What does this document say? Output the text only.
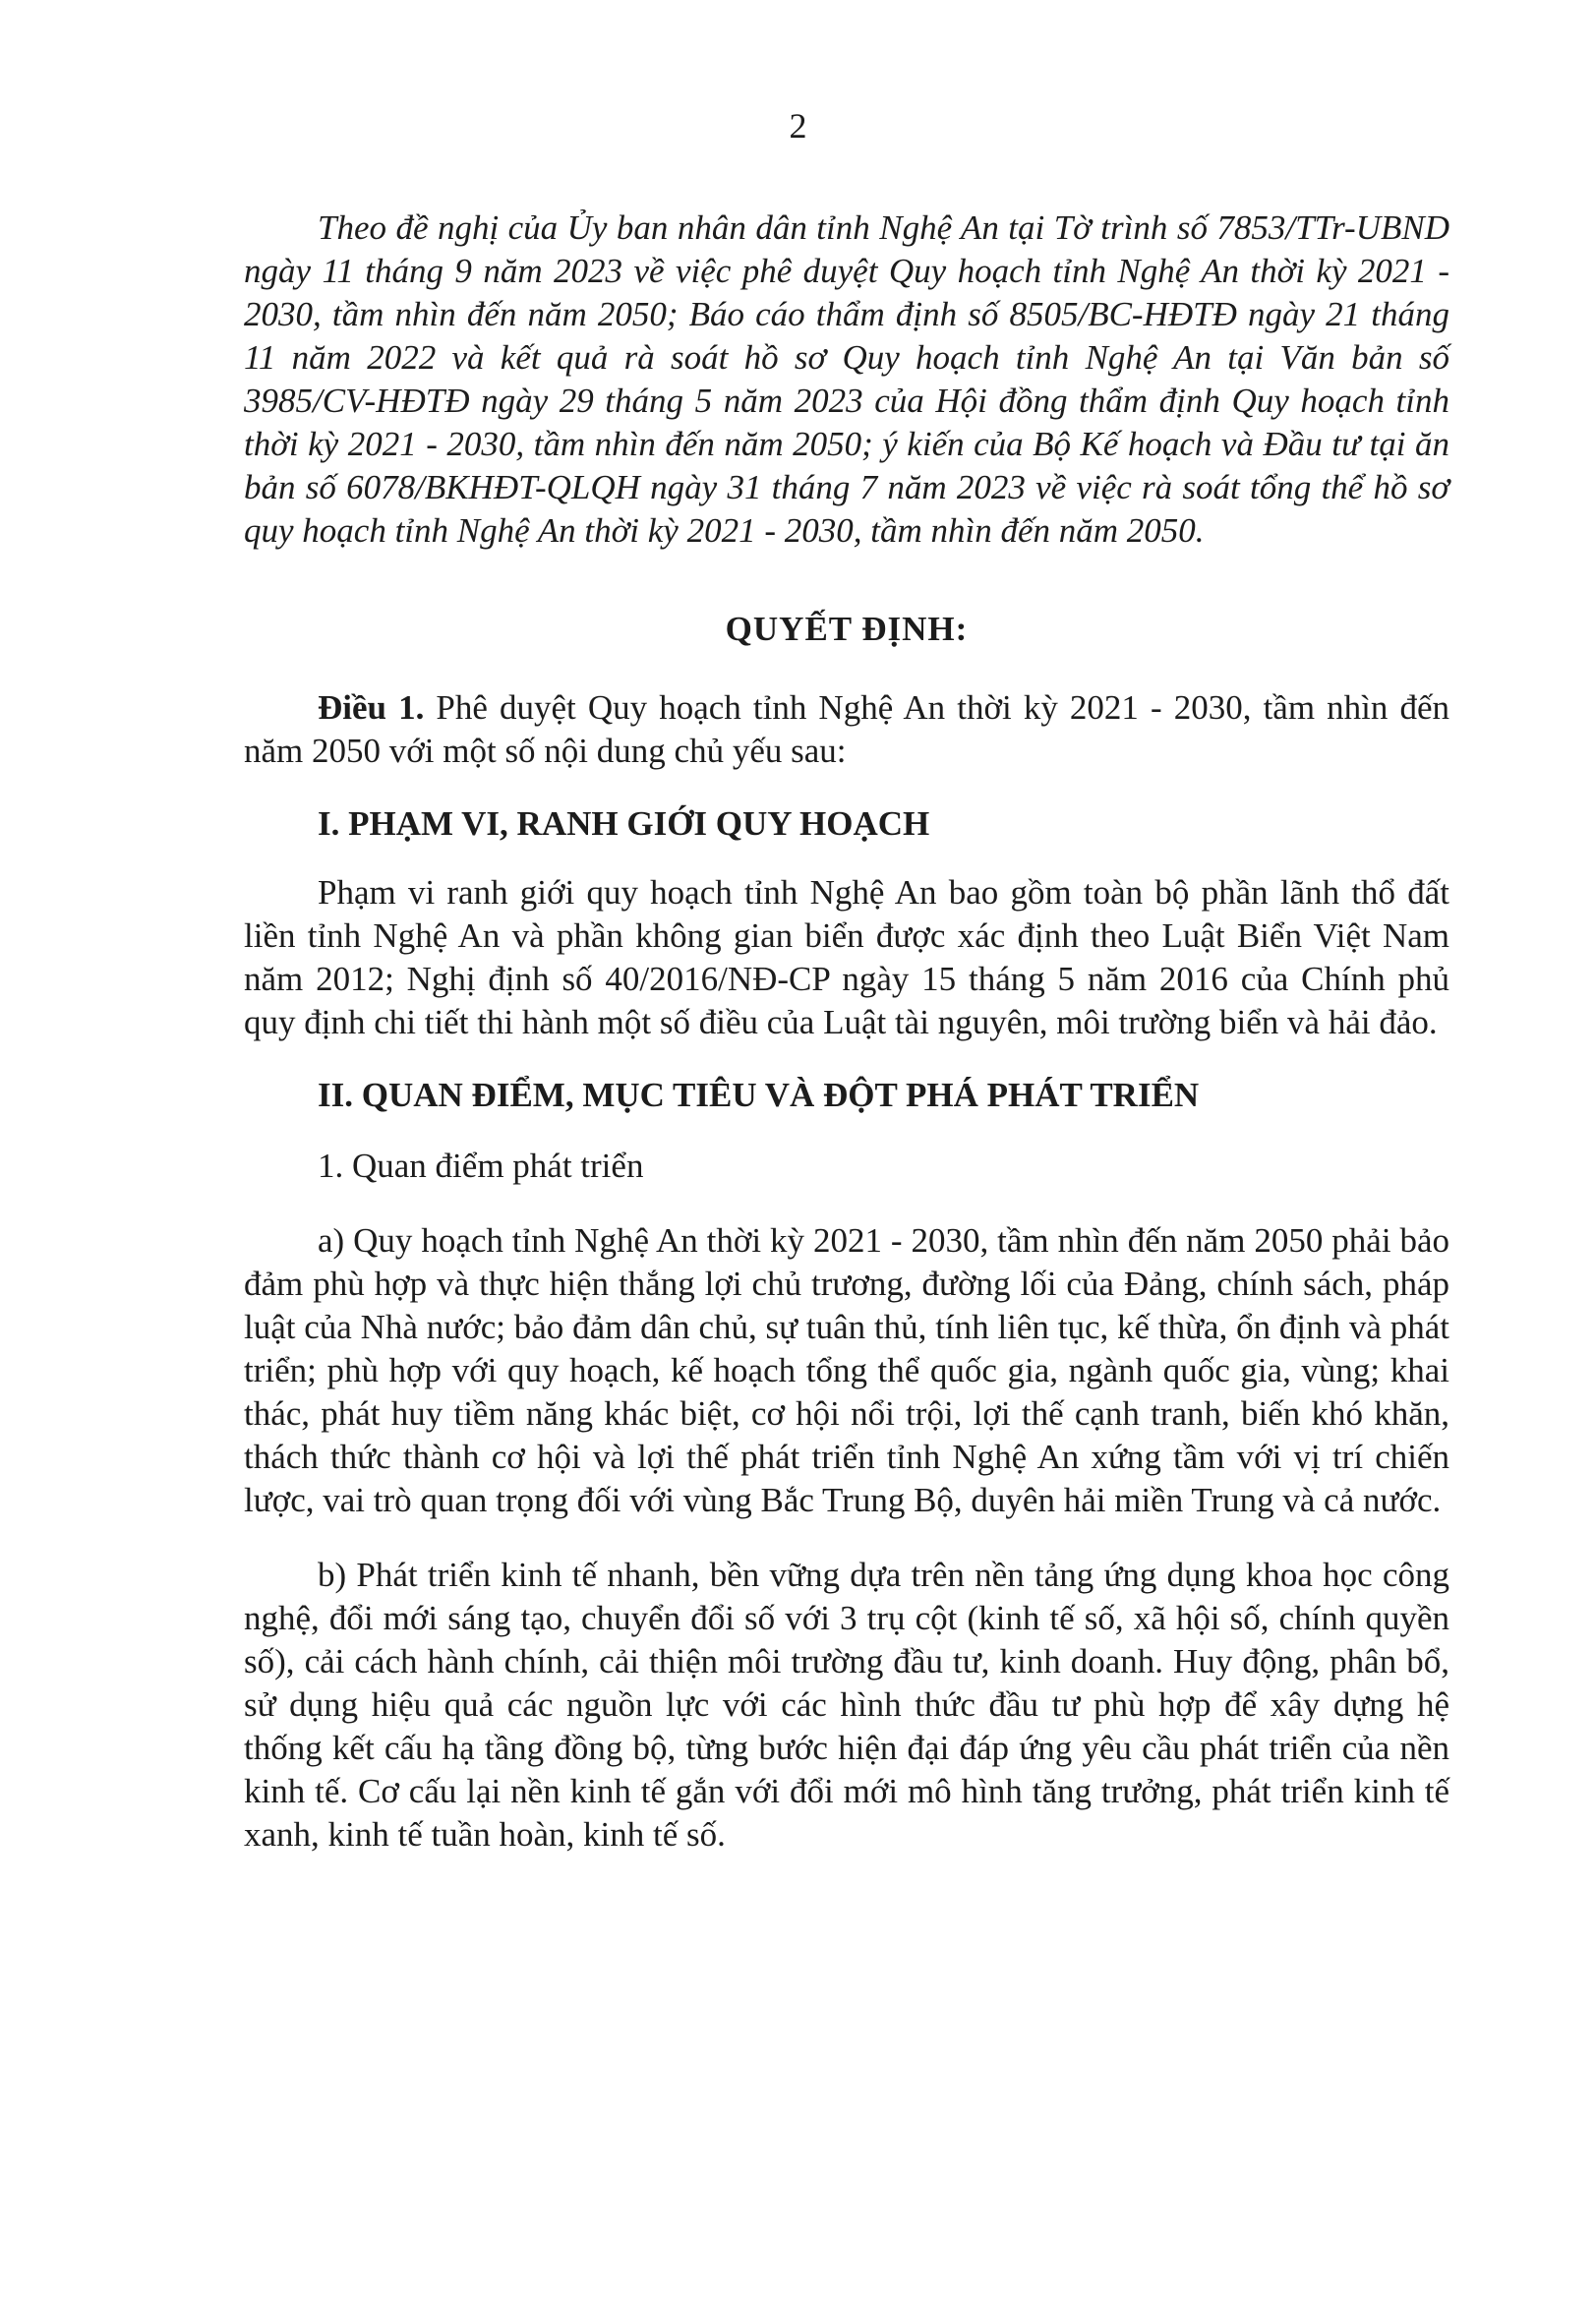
2

Theo đề nghị của Ủy ban nhân dân tỉnh Nghệ An tại Tờ trình số 7853/TTr-UBND ngày 11 tháng 9 năm 2023 về việc phê duyệt Quy hoạch tỉnh Nghệ An thời kỳ 2021 - 2030, tầm nhìn đến năm 2050; Báo cáo thẩm định số 8505/BC-HĐTĐ ngày 21 tháng 11 năm 2022 và kết quả rà soát hồ sơ Quy hoạch tỉnh Nghệ An tại Văn bản số 3985/CV-HĐTĐ ngày 29 tháng 5 năm 2023 của Hội đồng thẩm định Quy hoạch tỉnh thời kỳ 2021 - 2030, tầm nhìn đến năm 2050; ý kiến của Bộ Kế hoạch và Đầu tư tại ăn bản số 6078/BKHĐT-QLQH ngày 31 tháng 7 năm 2023 về việc rà soát tổng thể hồ sơ quy hoạch tỉnh Nghệ An thời kỳ 2021 - 2030, tầm nhìn đến năm 2050.

QUYẾT ĐỊNH:

Điều 1. Phê duyệt Quy hoạch tỉnh Nghệ An thời kỳ 2021 - 2030, tầm nhìn đến năm 2050 với một số nội dung chủ yếu sau:

I. PHẠM VI, RANH GIỚI QUY HOẠCH

Phạm vi ranh giới quy hoạch tỉnh Nghệ An bao gồm toàn bộ phần lãnh thổ đất liền tỉnh Nghệ An và phần không gian biển được xác định theo Luật Biển Việt Nam năm 2012; Nghị định số 40/2016/NĐ-CP ngày 15 tháng 5 năm 2016 của Chính phủ quy định chi tiết thi hành một số điều của Luật tài nguyên, môi trường biển và hải đảo.

II. QUAN ĐIỂM, MỤC TIÊU VÀ ĐỘT PHÁ PHÁT TRIỂN

1. Quan điểm phát triển

a) Quy hoạch tỉnh Nghệ An thời kỳ 2021 - 2030, tầm nhìn đến năm 2050 phải bảo đảm phù hợp và thực hiện thắng lợi chủ trương, đường lối của Đảng, chính sách, pháp luật của Nhà nước; bảo đảm dân chủ, sự tuân thủ, tính liên tục, kế thừa, ổn định và phát triển; phù hợp với quy hoạch, kế hoạch tổng thể quốc gia, ngành quốc gia, vùng; khai thác, phát huy tiềm năng khác biệt, cơ hội nổi trội, lợi thế cạnh tranh, biến khó khăn, thách thức thành cơ hội và lợi thế phát triển tỉnh Nghệ An xứng tầm với vị trí chiến lược, vai trò quan trọng đối với vùng Bắc Trung Bộ, duyên hải miền Trung và cả nước.

b) Phát triển kinh tế nhanh, bền vững dựa trên nền tảng ứng dụng khoa học công nghệ, đổi mới sáng tạo, chuyển đổi số với 3 trụ cột (kinh tế số, xã hội số, chính quyền số), cải cách hành chính, cải thiện môi trường đầu tư, kinh doanh. Huy động, phân bổ, sử dụng hiệu quả các nguồn lực với các hình thức đầu tư phù hợp để xây dựng hệ thống kết cấu hạ tầng đồng bộ, từng bước hiện đại đáp ứng yêu cầu phát triển của nền kinh tế. Cơ cấu lại nền kinh tế gắn với đổi mới mô hình tăng trưởng, phát triển kinh tế xanh, kinh tế tuần hoàn, kinh tế số.
